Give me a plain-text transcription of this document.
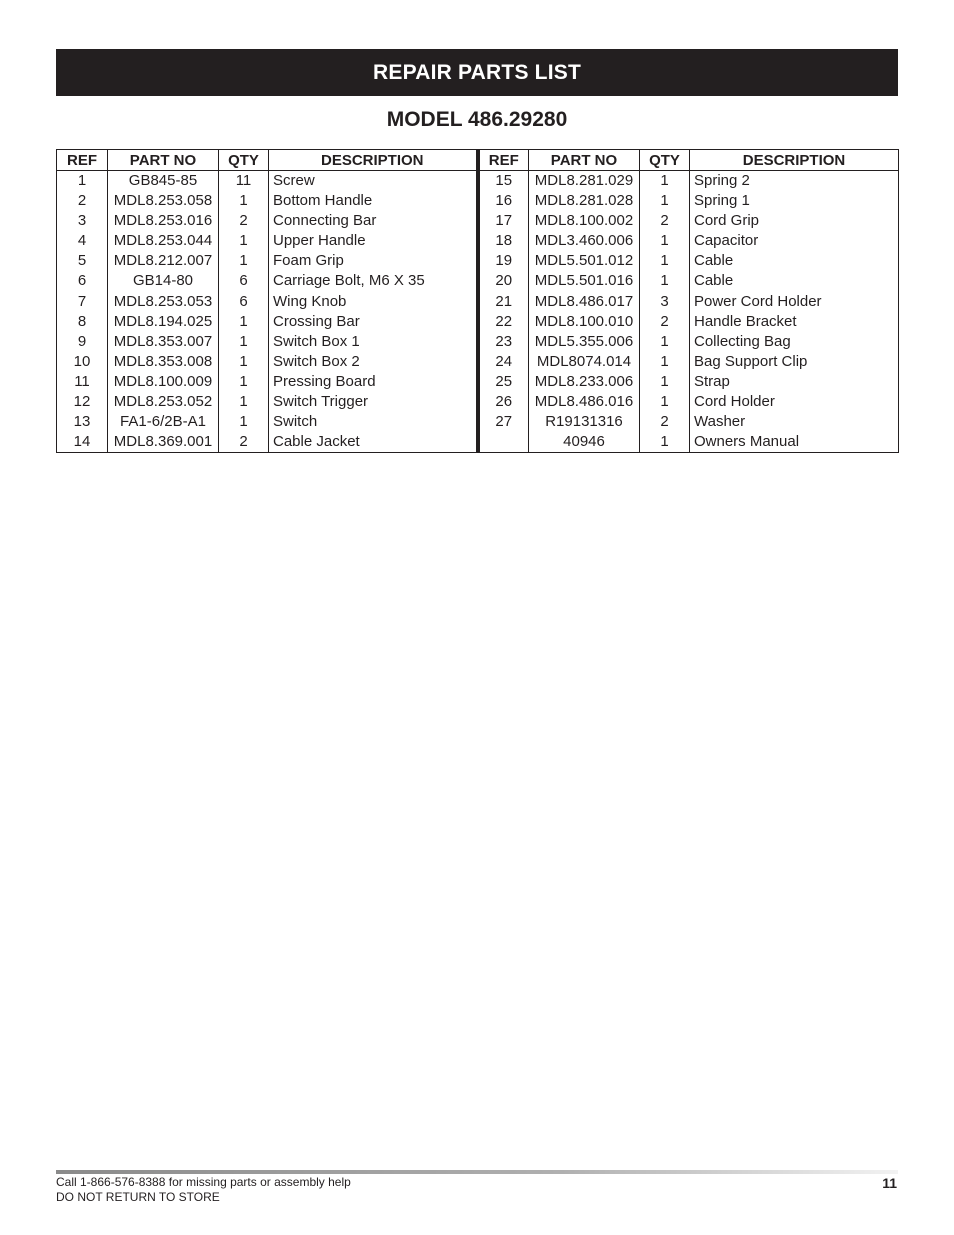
REPAIR PARTS LIST
MODEL 486.29280
REF	PART NO	QTY	DESCRIPTION	REF	PART NO	QTY	DESCRIPTION
1	GB845-85	11	Screw	15	MDL8.281.029	1	Spring 2
2	MDL8.253.058	1	Bottom Handle	16	MDL8.281.028	1	Spring 1
3	MDL8.253.016	2	Connecting Bar	17	MDL8.100.002	2	Cord Grip
4	MDL8.253.044	1	Upper Handle	18	MDL3.460.006	1	Capacitor
5	MDL8.212.007	1	Foam Grip	19	MDL5.501.012	1	Cable
6	GB14-80	6	Carriage Bolt, M6 X 35	20	MDL5.501.016	1	Cable
7	MDL8.253.053	6	Wing Knob	21	MDL8.486.017	3	Power Cord Holder
8	MDL8.194.025	1	Crossing Bar	22	MDL8.100.010	2	Handle Bracket
9	MDL8.353.007	1	Switch Box 1	23	MDL5.355.006	1	Collecting Bag
10	MDL8.353.008	1	Switch Box 2	24	MDL8074.014	1	Bag Support Clip
11	MDL8.100.009	1	Pressing Board	25	MDL8.233.006	1	Strap
12	MDL8.253.052	1	Switch Trigger	26	MDL8.486.016	1	Cord Holder
13	FA1-6/2B-A1	1	Switch	27	R19131316	2	Washer
14	MDL8.369.001	2	Cable Jacket		40946	1	Owners Manual
Call 1-866-576-8388 for missing parts or assembly help
DO NOT RETURN TO STORE
11
